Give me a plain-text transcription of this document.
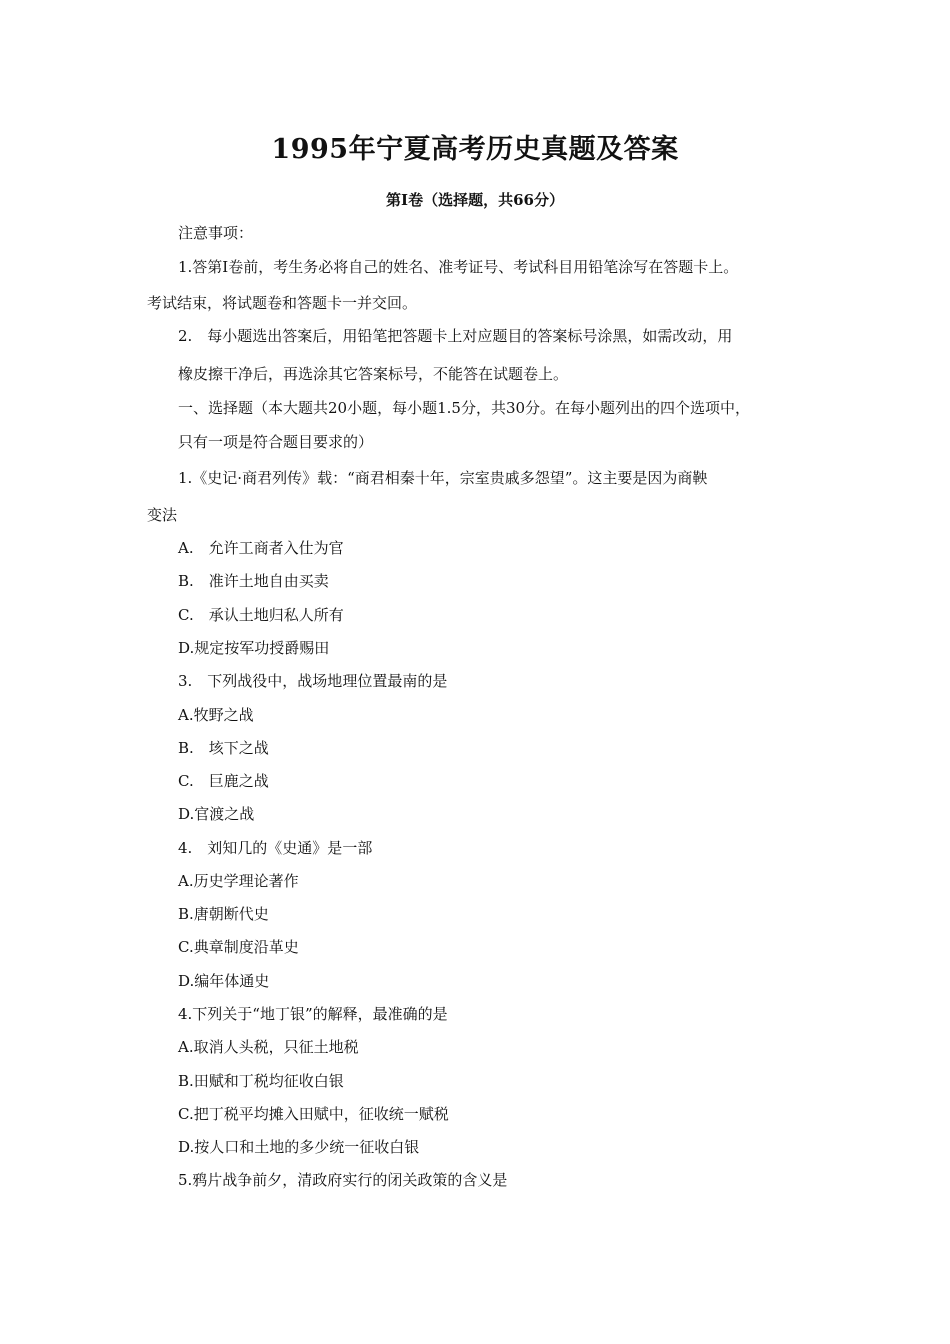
1995年宁夏高考历史真题及答案
第Ⅰ卷（选择题，共66分）
注意事项：
1.答第Ⅰ卷前，考生务必将自己的姓名、准考证号、考试科目用铅笔涂写在答题卡上。
考试结束，将试题卷和答题卡一并交回。
2.　每小题选出答案后，用铅笔把答题卡上对应题目的答案标号涂黑，如需改动，用
橡皮擦干净后，再选涂其它答案标号，不能答在试题卷上。
一、选择题（本大题共20小题，每小题1.5分，共30分。在每小题列出的四个选项中，
只有一项是符合题目要求的）
1.《史记·商君列传》载：“商君相秦十年，宗室贵戚多怨望”。这主要是因为商鞅
变法
A.　允许工商者入仕为官
B.　准许土地自由买卖
C.　承认土地归私人所有
D.规定按军功授爵赐田
3.　下列战役中，战场地理位置最南的是
A.牧野之战
B.　垓下之战
C.　巨鹿之战
D.官渡之战
4.　刘知几的《史通》是一部
A.历史学理论著作
B.唐朝断代史
C.典章制度沿革史
D.编年体通史
4.下列关于“地丁银”的解释，最准确的是
A.取消人头税，只征土地税
B.田赋和丁税均征收白银
C.把丁税平均摊入田赋中，征收统一赋税
D.按人口和土地的多少统一征收白银
5.鸦片战争前夕，清政府实行的闭关政策的含义是
